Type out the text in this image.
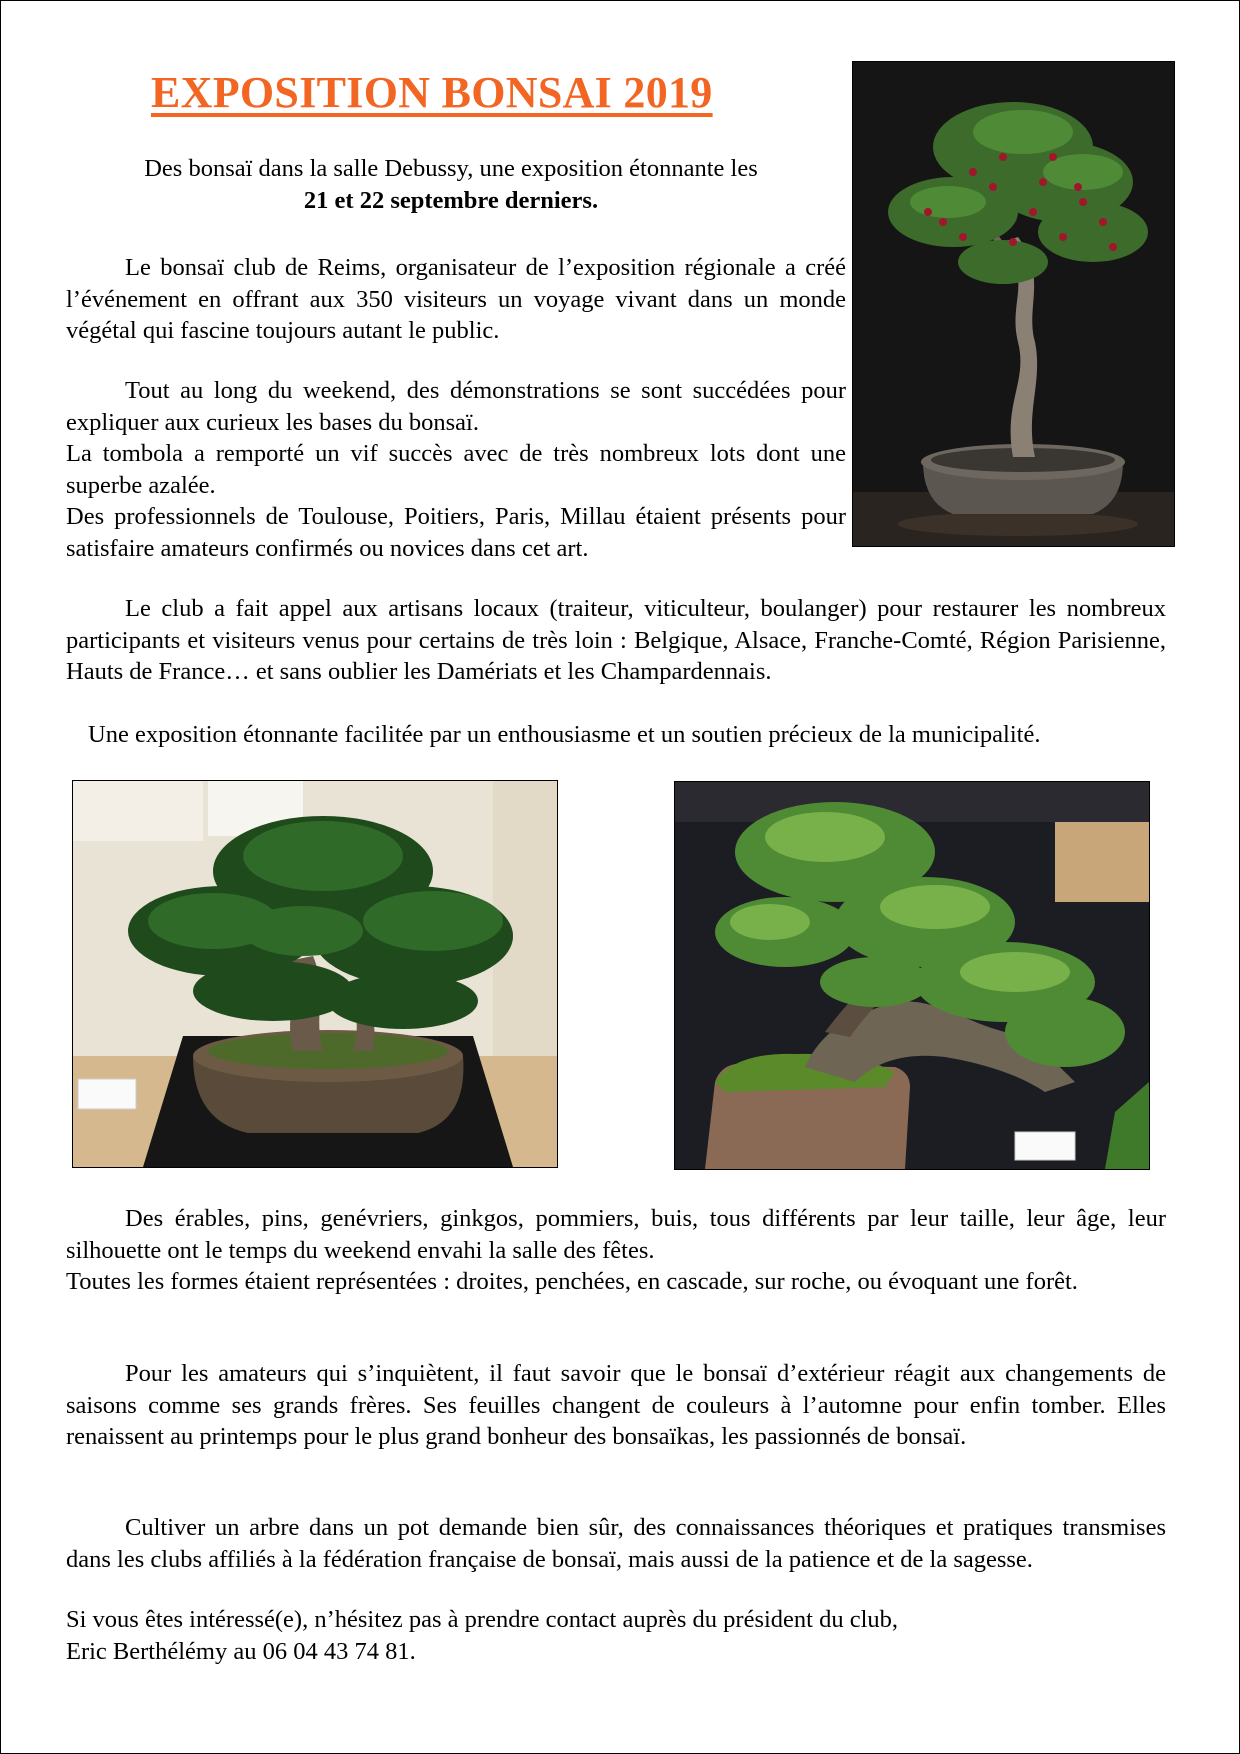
EXPOSITION BONSAI 2019
Des bonsaï dans la salle Debussy, une exposition étonnante les
21 et 22 septembre derniers.
Le bonsaï club de Reims, organisateur de l’exposition régionale a créé l’événement en offrant aux 350 visiteurs un voyage vivant dans un monde végétal qui fascine toujours autant le public.
Tout au long du weekend, des démonstrations se sont succédées pour expliquer aux curieux les bases du bonsaï.
La tombola a remporté un vif succès avec de très nombreux lots dont une superbe azalée.
Des professionnels de Toulouse, Poitiers, Paris, Millau étaient présents pour satisfaire amateurs confirmés ou novices dans cet art.
Le club a fait appel aux artisans locaux (traiteur, viticulteur, boulanger) pour restaurer les nombreux participants et visiteurs venus pour certains de très loin : Belgique, Alsace, Franche-Comté, Région Parisienne, Hauts de France… et sans oublier les Damériats et les Champardennais.
Une exposition étonnante facilitée par un enthousiasme et un soutien précieux de la municipalité.
Des érables, pins, genévriers, ginkgos, pommiers, buis, tous différents par leur taille, leur âge, leur silhouette ont le temps du weekend envahi la salle des fêtes.
Toutes les formes étaient représentées : droites, penchées, en cascade, sur roche, ou évoquant une forêt.
Pour les amateurs qui s’inquiètent, il faut savoir que le bonsaï d’extérieur réagit aux changements de saisons comme ses grands frères. Ses feuilles changent de couleurs à l’automne pour enfin tomber. Elles renaissent au printemps pour le plus grand bonheur des bonsaïkas, les passionnés de bonsaï.
Cultiver un arbre dans un pot demande bien sûr, des connaissances théoriques et pratiques transmises dans les clubs affiliés à la fédération française de bonsaï, mais aussi de la patience et de la sagesse.
Si vous êtes intéressé(e), n’hésitez pas à prendre contact auprès du président du club,
Eric Berthélémy au 06 04 43 74 81.
